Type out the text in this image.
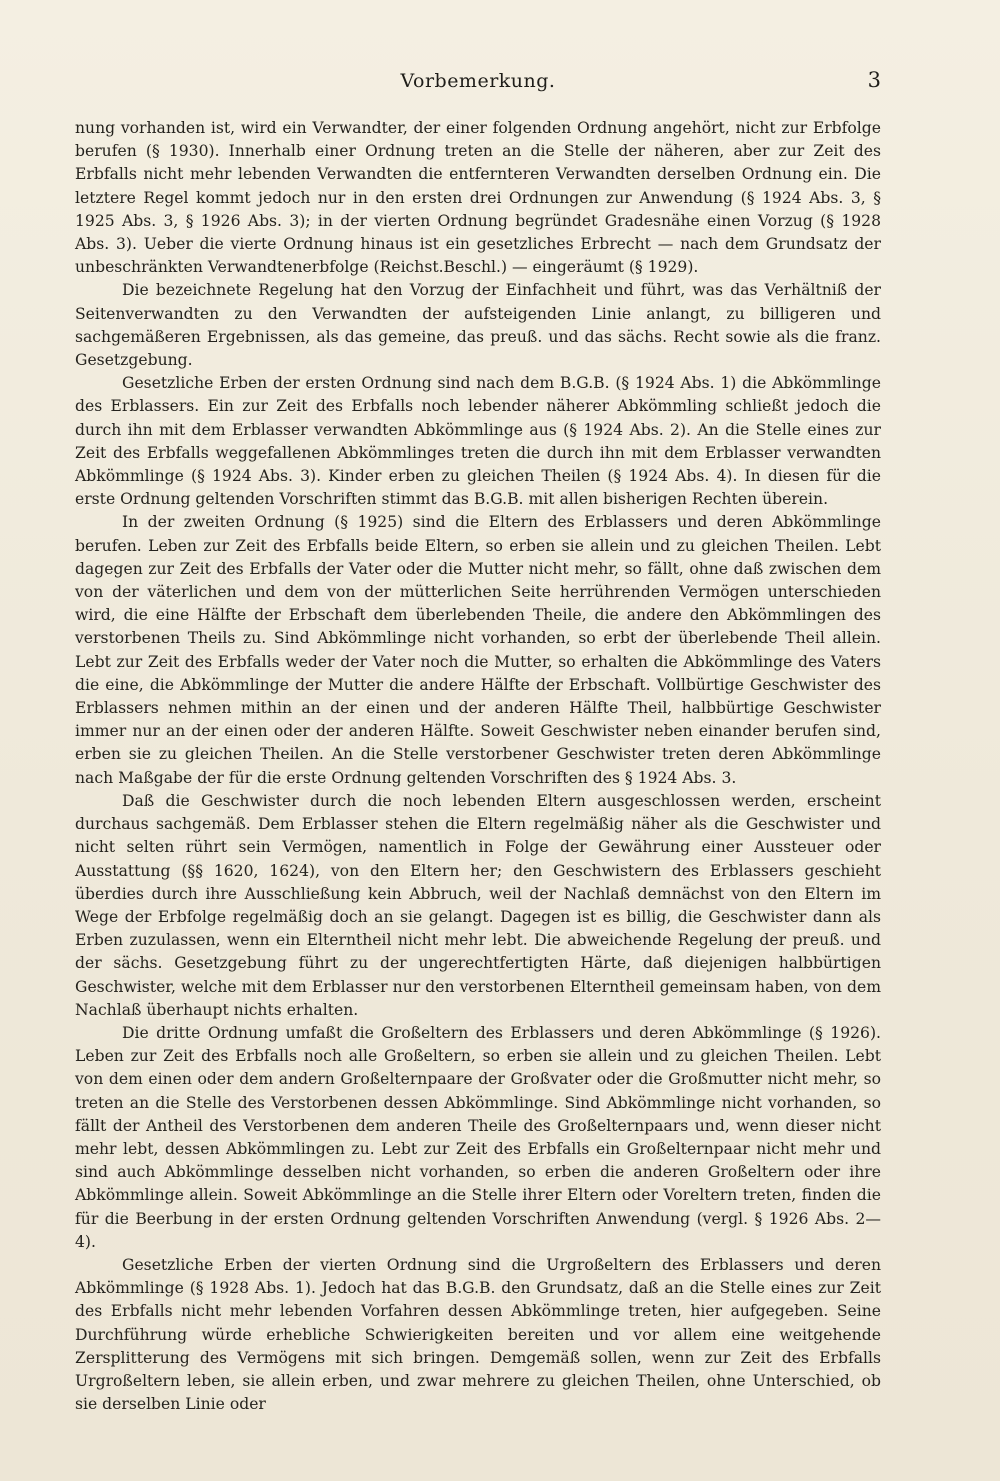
Vorbemerkung.	3

nung vorhanden ist, wird ein Verwandter, der einer folgenden Ordnung angehört, nicht zur Erbfolge berufen (§ 1930). Innerhalb einer Ordnung treten an die Stelle der näheren, aber zur Zeit des Erbfalls nicht mehr lebenden Verwandten die entfernteren Verwandten derselben Ordnung ein. Die letztere Regel kommt jedoch nur in den ersten drei Ordnungen zur Anwendung (§ 1924 Abs. 3, § 1925 Abs. 3, § 1926 Abs. 3); in der vierten Ordnung begründet Gradesnähe einen Vorzug (§ 1928 Abs. 3). Ueber die vierte Ordnung hinaus ist ein gesetzliches Erbrecht — nach dem Grundsatz der unbeschränkten Verwandtenerbfolge (Reichst.Beschl.) — eingeräumt (§ 1929).

Die bezeichnete Regelung hat den Vorzug der Einfachheit und führt, was das Verhältniß der Seitenverwandten zu den Verwandten der aufsteigenden Linie anlangt, zu billigeren und sachgemäßeren Ergebnissen, als das gemeine, das preuß. und das sächs. Recht sowie als die franz. Gesetzgebung.

Gesetzliche Erben der ersten Ordnung sind nach dem B.G.B. (§ 1924 Abs. 1) die Abkömmlinge des Erblassers. Ein zur Zeit des Erbfalls noch lebender näherer Abkömmling schließt jedoch die durch ihn mit dem Erblasser verwandten Abkömmlinge aus (§ 1924 Abs. 2). An die Stelle eines zur Zeit des Erbfalls weggefallenen Abkömmlinges treten die durch ihn mit dem Erblasser verwandten Abkömmlinge (§ 1924 Abs. 3). Kinder erben zu gleichen Theilen (§ 1924 Abs. 4). In diesen für die erste Ordnung geltenden Vorschriften stimmt das B.G.B. mit allen bisherigen Rechten überein.

In der zweiten Ordnung (§ 1925) sind die Eltern des Erblassers und deren Abkömmlinge berufen. Leben zur Zeit des Erbfalls beide Eltern, so erben sie allein und zu gleichen Theilen. Lebt dagegen zur Zeit des Erbfalls der Vater oder die Mutter nicht mehr, so fällt, ohne daß zwischen dem von der väterlichen und dem von der mütterlichen Seite herrührenden Vermögen unterschieden wird, die eine Hälfte der Erbschaft dem überlebenden Theile, die andere den Abkömmlingen des verstorbenen Theils zu. Sind Abkömmlinge nicht vorhanden, so erbt der überlebende Theil allein. Lebt zur Zeit des Erbfalls weder der Vater noch die Mutter, so erhalten die Abkömmlinge des Vaters die eine, die Abkömmlinge der Mutter die andere Hälfte der Erbschaft. Vollbürtige Geschwister des Erblassers nehmen mithin an der einen und der anderen Hälfte Theil, halbbürtige Geschwister immer nur an der einen oder der anderen Hälfte. Soweit Geschwister neben einander berufen sind, erben sie zu gleichen Theilen. An die Stelle verstorbener Geschwister treten deren Abkömmlinge nach Maßgabe der für die erste Ordnung geltenden Vorschriften des § 1924 Abs. 3.

Daß die Geschwister durch die noch lebenden Eltern ausgeschlossen werden, erscheint durchaus sachgemäß. Dem Erblasser stehen die Eltern regelmäßig näher als die Geschwister und nicht selten rührt sein Vermögen, namentlich in Folge der Gewährung einer Aussteuer oder Ausstattung (§§ 1620, 1624), von den Eltern her; den Geschwistern des Erblassers geschieht überdies durch ihre Ausschließung kein Abbruch, weil der Nachlaß demnächst von den Eltern im Wege der Erbfolge regelmäßig doch an sie gelangt. Dagegen ist es billig, die Geschwister dann als Erben zuzulassen, wenn ein Elterntheil nicht mehr lebt. Die abweichende Regelung der preuß. und der sächs. Gesetzgebung führt zu der ungerechtfertigten Härte, daß diejenigen halbbürtigen Geschwister, welche mit dem Erblasser nur den verstorbenen Elterntheil gemeinsam haben, von dem Nachlaß überhaupt nichts erhalten.

Die dritte Ordnung umfaßt die Großeltern des Erblassers und deren Abkömmlinge (§ 1926). Leben zur Zeit des Erbfalls noch alle Großeltern, so erben sie allein und zu gleichen Theilen. Lebt von dem einen oder dem andern Großelternpaare der Großvater oder die Großmutter nicht mehr, so treten an die Stelle des Verstorbenen dessen Abkömmlinge. Sind Abkömmlinge nicht vorhanden, so fällt der Antheil des Verstorbenen dem anderen Theile des Großelternpaars und, wenn dieser nicht mehr lebt, dessen Abkömmlingen zu. Lebt zur Zeit des Erbfalls ein Großelternpaar nicht mehr und sind auch Abkömmlinge desselben nicht vorhanden, so erben die anderen Großeltern oder ihre Abkömmlinge allein. Soweit Abkömmlinge an die Stelle ihrer Eltern oder Voreltern treten, finden die für die Beerbung in der ersten Ordnung geltenden Vorschriften Anwendung (vergl. § 1926 Abs. 2—4).

Gesetzliche Erben der vierten Ordnung sind die Urgroßeltern des Erblassers und deren Abkömmlinge (§ 1928 Abs. 1). Jedoch hat das B.G.B. den Grundsatz, daß an die Stelle eines zur Zeit des Erbfalls nicht mehr lebenden Vorfahren dessen Abkömmlinge treten, hier aufgegeben. Seine Durchführung würde erhebliche Schwierigkeiten bereiten und vor allem eine weitgehende Zersplitterung des Vermögens mit sich bringen. Demgemäß sollen, wenn zur Zeit des Erbfalls Urgroßeltern leben, sie allein erben, und zwar mehrere zu gleichen Theilen, ohne Unterschied, ob sie derselben Linie oder
